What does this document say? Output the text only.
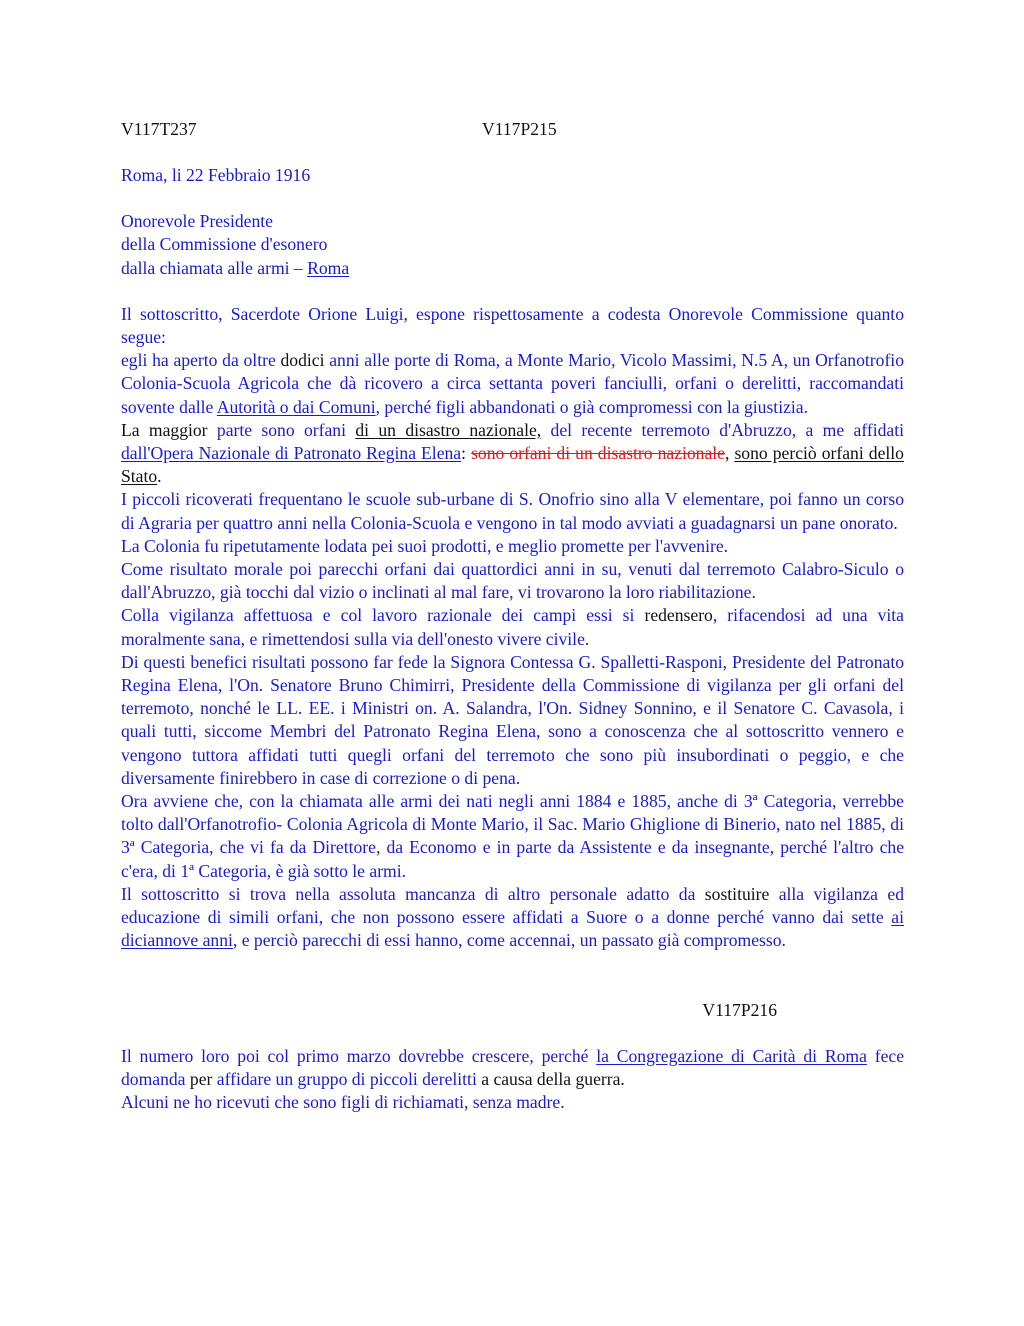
V117T237	V117P215

Roma, li 22 Febbraio 1916

Onorevole Presidente

della Commissione d'esonero

dalla chiamata alle armi – Roma

Il sottoscritto, Sacerdote Orione Luigi, espone rispettosamente a codesta Onorevole Commissione quanto segue:

egli ha aperto da oltre dodici anni alle porte di Roma, a Monte Mario, Vicolo Massimi, N.5 A, un Orfanotrofio Colonia-Scuola Agricola che dà ricovero a circa settanta poveri fanciulli, orfani o derelitti, raccomandati sovente dalle Autorità o dai Comuni, perché figli abbandonati o già compromessi con la giustizia.

La maggior parte sono orfani di un disastro nazionale, del recente terremoto d'Abruzzo, a me affidati dall'Opera Nazionale di Patronato Regina Elena: sono orfani di un disastro nazionale, sono perciò orfani dello Stato.

I piccoli ricoverati frequentano le scuole sub-urbane di S. Onofrio sino alla V elementare, poi fanno un corso di Agraria per quattro anni nella Colonia-Scuola e vengono in tal modo avviati a guadagnarsi un pane onorato.

La Colonia fu ripetutamente lodata pei suoi prodotti, e meglio promette per l'avvenire.

Come risultato morale poi parecchi orfani dai quattordici anni in su, venuti dal terremoto Calabro-Siculo o dall'Abruzzo, già tocchi dal vizio o inclinati al mal fare, vi trovarono la loro riabilitazione.

Colla vigilanza affettuosa e col lavoro razionale dei campi essi si redensero, rifacendosi ad una vita moralmente sana, e rimettendosi sulla via dell'onesto vivere civile.

Di questi benefici risultati possono far fede la Signora Contessa G. Spalletti-Rasponi, Presidente del Patronato Regina Elena, l'On. Senatore Bruno Chimirri, Presidente della Commissione di vigilanza per gli orfani del terremoto, nonché le LL. EE. i Ministri on. A. Salandra, l'On. Sidney Sonnino, e il Senatore C. Cavasola, i quali tutti, siccome Membri del Patronato Regina Elena, sono a conoscenza che al sottoscritto vennero e vengono tuttora affidati tutti quegli orfani del terremoto che sono più insubordinati o peggio, e che diversamente finirebbero in case di correzione o di pena.

Ora avviene che, con la chiamata alle armi dei nati negli anni 1884 e 1885, anche di 3ª Categoria, verrebbe tolto dall'Orfanotrofio- Colonia Agricola di Monte Mario, il Sac. Mario Ghiglione di Binerio, nato nel 1885, di 3ª Categoria, che vi fa da Direttore, da Economo e in parte da Assistente e da insegnante, perché l'altro che c'era, di 1ª Categoria, è già sotto le armi.

Il sottoscritto si trova nella assoluta mancanza di altro personale adatto da sostituire alla vigilanza ed educazione di simili orfani, che non possono essere affidati a Suore o a donne perché vanno dai sette ai diciannove anni, e perciò parecchi di essi hanno, come accennai, un passato già compromesso.

V117P216

Il numero loro poi col primo marzo dovrebbe crescere, perché la Congregazione di Carità di Roma fece domanda per affidare un gruppo di piccoli derelitti a causa della guerra.

Alcuni ne ho ricevuti che sono figli di richiamati, senza madre.
